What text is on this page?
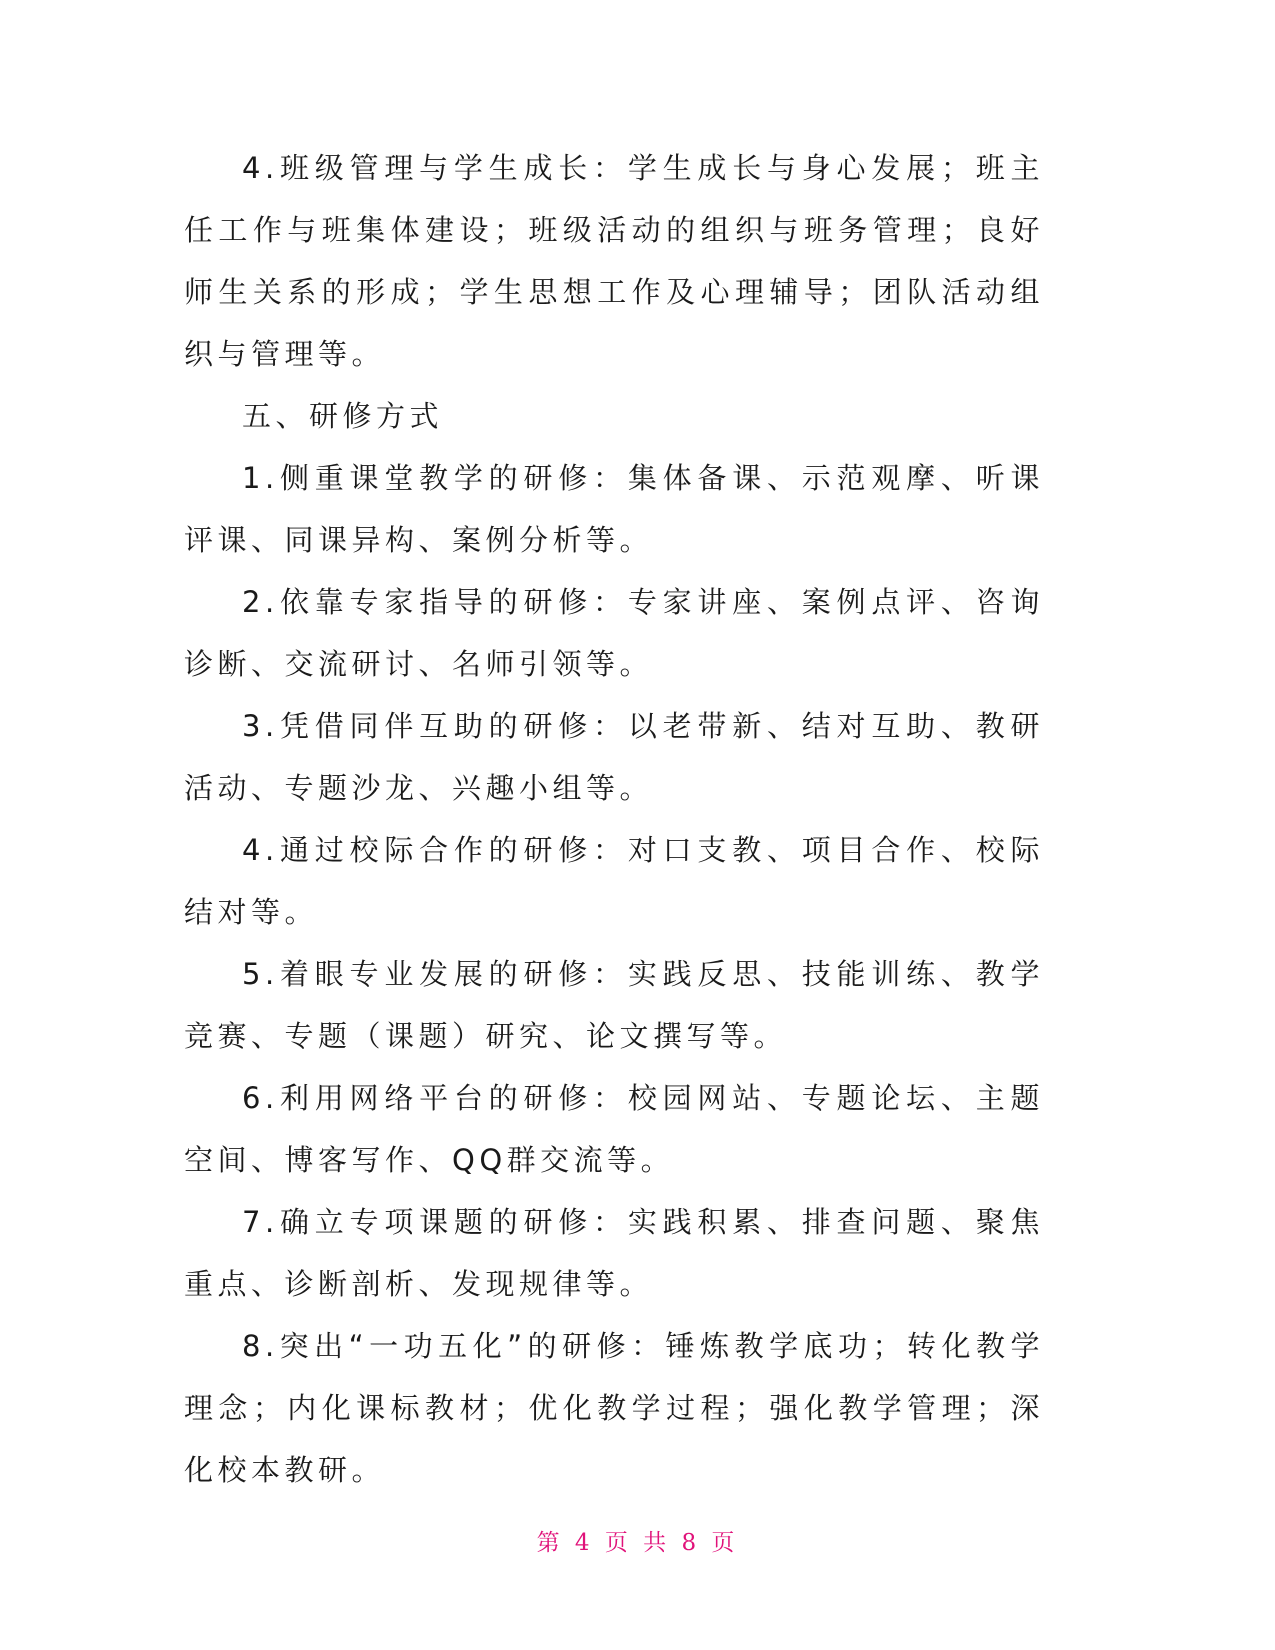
4.班级管理与学生成长：学生成长与身心发展；班主任工作与班集体建设；班级活动的组织与班务管理；良好师生关系的形成；学生思想工作及心理辅导；团队活动组织与管理等。

五、研修方式

1.侧重课堂教学的研修：集体备课、示范观摩、听课评课、同课异构、案例分析等。

2.依靠专家指导的研修：专家讲座、案例点评、咨询诊断、交流研讨、名师引领等。

3.凭借同伴互助的研修：以老带新、结对互助、教研活动、专题沙龙、兴趣小组等。

4.通过校际合作的研修：对口支教、项目合作、校际结对等。

5.着眼专业发展的研修：实践反思、技能训练、教学竞赛、专题（课题）研究、论文撰写等。

6.利用网络平台的研修：校园网站、专题论坛、主题空间、博客写作、QQ群交流等。

7.确立专项课题的研修：实践积累、排查问题、聚焦重点、诊断剖析、发现规律等。

8.突出“一功五化”的研修：锤炼教学底功；转化教学理念；内化课标教材；优化教学过程；强化教学管理；深化校本教研。

第 4 页 共 8 页
